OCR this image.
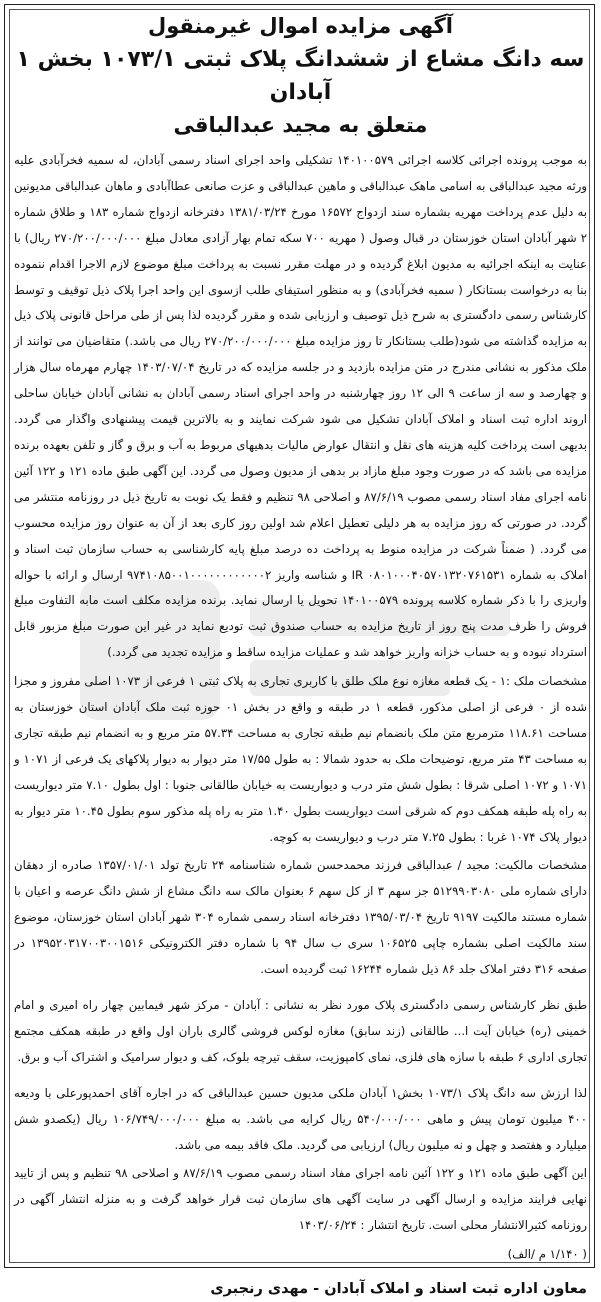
آگهی مزایده اموال غیرمنقول

سه دانگ مشاع از ششدانگ پلاک ثبتی ۱۰۷۳/۱ بخش ۱ آبادان

متعلق به مجید عبدالباقی

به موجب پرونده اجرائی کلاسه اجرائی ۱۴۰۱۰۰۵۷۹ تشکیلی واحد اجرای اسناد رسمی آبادان، له سمیه فخرآبادی علیه ورثه مجید عبدالباقی به اسامی ماهک عبدالباقی و ماهین عبدالباقی و عزت صانعی عطاآبادی و ماهان عبدالباقی مدیونین به دلیل عدم پرداخت مهریه بشماره سند ازدواج ۱۶۵۷۲ مورخ ۱۳۸۱/۰۳/۲۴ دفترخانه ازدواج شماره ۱۸۳ و طلاق شماره ۲ شهر آبادان استان خوزستان در قبال وصول ( مهریه ۷۰۰ سکه تمام بهار آزادی معادل مبلغ ۲۷۰/۲۰۰/۰۰۰/۰۰۰ ریال) با عنایت به اینکه اجرائیه به مدیون ابلاغ گردیده و در مهلت مقرر نسبت به پرداخت مبلغ موضوع لازم الاجرا اقدام ننموده بنا به درخواست بستانکار ( سمیه فخرآبادی) و به منظور استیفای طلب ازسوی این واحد اجرا پلاک ذیل توقیف و توسط کارشناس رسمی دادگستری به شرح ذیل توصیف و ارزیابی شده و مقرر گردیده لذا پس از طی مراحل قانونی پلاک ذیل به مزایده گذاشته می شود(طلب بستانکار تا روز مزایده مبلغ ۲۷۰/۲۰۰/۰۰۰/۰۰۰ ریال می باشد.) متقاضیان می توانند از ملک مذکور به نشانی مندرج در متن مزایده بازدید و در جلسه مزایده که در تاریخ ۱۴۰۳/۰۷/۰۴ چهارم مهرماه سال هزار و چهارصد و سه از ساعت ۹ الی ۱۲ روز چهارشنبه در واحد اجرای اسناد رسمی آبادان به نشانی آبادان خیابان ساحلی اروند اداره ثبت اسناد و املاک آبادان تشکیل می شود شرکت نمایند و به بالاترین قیمت پیشنهادی واگذار می گردد. بدیهی است پرداخت کلیه هزینه های نقل و انتقال عوارض مالیات بدهیهای مربوط به آب و برق و گاز و تلفن بعهده برنده مزایده می باشد که در صورت وجود مبلغ مازاد بر بدهی از مدیون وصول می گردد. این آگهی طبق ماده ۱۲۱ و ۱۲۲ آئین نامه اجرای مفاد اسناد رسمی مصوب ۸۷/۶/۱۹ و اصلاحی ۹۸ تنظیم و فقط یک نوبت به تاریخ ذیل در روزنامه منتشر می گردد. در صورتی که روز مزایده به هر دلیلی تعطیل اعلام شد اولین روز کاری بعد از آن به عنوان روز مزایده محسوب می گردد. ( ضمناً شرکت در مزایده منوط به پرداخت ده درصد مبلغ پایه کارشناسی به حساب سازمان ثبت اسناد و املاک به شماره IR ۰۸۰۱۰۰۰۴۰۵۷۰۱۳۲۰۷۶۱۵۳۱ و شناسه واریز ۹۷۴۱۰۸۵۰۰۱۰۰۰۰۰۰۰۰۰۰۰۰۲ ارسال و ارائه با حواله واریزی را با ذکر شماره کلاسه پرونده ۱۴۰۱۰۰۵۷۹ تحویل یا ارسال نماید. برنده مزایده مکلف است مابه التفاوت مبلغ فروش را ظرف مدت پنج روز از تاریخ مزایده به حساب صندوق ثبت تودیع نماید در غیر این صورت مبلغ مزبور قابل استرداد نبوده و به حساب خزانه واریز خواهد شد و عملیات مزایده ساقط و مزایده تجدید می گردد.)

مشخصات ملک :۱ - یک قطعه مغازه نوع ملک طلق با کاربری تجاری به پلاک ثبتی ۱ فرعی از ۱۰۷۳ اصلی مفروز و مجزا شده از ۰ فرعی از اصلی مذکور، قطعه ۱ در طبقه و واقع در بخش ۰۱ حوزه ثبت ملک آبادان استان خوزستان به مساحت ۱۱۸.۶۱ مترمربع متن ملک بانضمام نیم طبقه تجاری به مساحت ۵۷.۳۴ متر مربع و به انضمام نیم طبقه تجاری به مساحت ۴۳ متر مربع، توضیحات ملک به حدود شمالا : به طول ۱۷/۵۵ متر دیوار به دیوار پلاکهای یک فرعی از ۱۰۷۱ و ۱۰۷۱ و ۱۰۷۲ اصلی شرقا : بطول شش متر درب و دیواریست به خیابان طالقانی جنوبا : اول بطول ۷.۱۰ متر دیواریست به راه پله طبقه همکف دوم که شرقی است دیواریست بطول ۱.۴۰ متر به راه پله مذکور سوم بطول ۱۰.۴۵ متر دیوار به دیوار پلاک ۱۰۷۴ غربا : بطول ۷.۲۵ متر درب و دیواریست به کوچه.

مشخصات مالکیت: مجید / عبدالباقی فرزند محمدحسن شماره شناسنامه ۲۴ تاریخ تولد ۱۳۵۷/۰۱/۰۱ صادره از دهقان دارای شماره ملی ۵۱۲۹۹۰۳۰۸۰ جز سهم ۳ از کل سهم ۶ بعنوان مالک سه دانگ مشاع از شش دانگ عرصه و اعیان با شماره مستند مالکیت ۹۱۹۷ تاریخ ۱۳۹۵/۰۳/۰۴ دفترخانه اسناد رسمی شماره ۳۰۴ شهر آبادان استان خوزستان، موضوع سند مالکیت اصلی بشماره چاپی ۱۰۶۵۲۵ سری ب سال ۹۴ با شماره دفتر الکترونیکی ۱۳۹۵۲۰۳۱۷۰۰۳۰۰۱۵۱۶ در صفحه ۳۱۶ دفتر املاک جلد ۸۶ ذیل شماره ۱۶۲۴۴ ثبت گردیده است.

طبق نظر کارشناس رسمی دادگستری پلاک مورد نظر به نشانی : آبادان - مرکز شهر فیمابین چهار راه امیری و امام خمینی (ره) خیابان آیت ا... طالقانی (زند سابق) مغازه لوکس فروشی گالری باران اول واقع در طبقه همکف مجتمع تجاری اداری ۶ طبقه با سازه های فلزی، نمای کامپوزیت، سقف تیرچه بلوک، کف و دیوار سرامیک و اشتراک آب و برق.

لذا ارزش سه دانگ پلاک ۱۰۷۳/۱ بخش۱ آبادان ملکی مدیون حسین عبدالباقی که در اجاره آقای احمدپورعلی با ودیعه ۴۰۰ میلیون تومان پیش و ماهی ۵۴۰/۰۰۰/۰۰۰ ریال کرایه می باشد. به مبلغ ۱۰۶/۷۴۹/۰۰۰/۰۰۰ ریال (یکصدو شش میلیارد و هفتصد و چهل و نه میلیون ریال) ارزیابی می گردید. ملک فاقد بیمه می باشد.

این آگهی طبق ماده ۱۲۱ و ۱۲۲ آئین نامه اجرای مفاد اسناد رسمی مصوب ۸۷/۶/۱۹ و اصلاحی ۹۸ تنظیم و پس از تایید نهایی فرایند مزایده و ارسال آگهی در سایت آگهی های سازمان ثبت قرار خواهد گرفت و به منزله انتشار آگهی در روزنامه کثیرالانتشار محلی است. تاریخ انتشار : ۱۴۰۳/۰۶/۲۴

( ۱/۱۴۰ م /الف)

معاون اداره ثبت اسناد و املاک آبادان - مهدی رنجبری
